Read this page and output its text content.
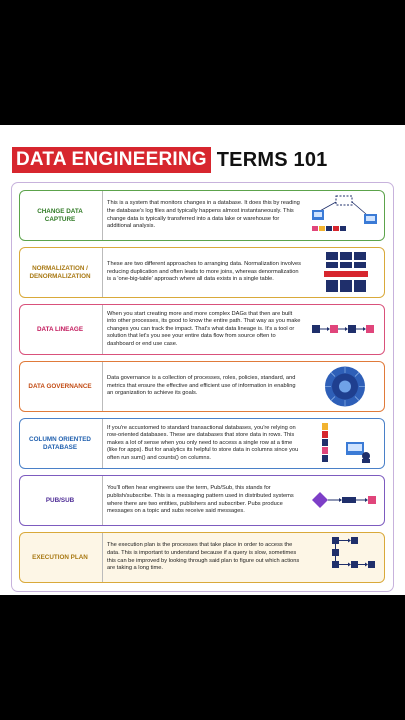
DATA ENGINEERING TERMS 101
CHANGE DATA CAPTURE
This is a system that monitors changes in a database. It does this by reading the database's log files and typically happens almost instantaneously. This change data is typically transferred into a data lake or warehouse for additional analysis.
NORMALIZATION / DENORMALIZATION
These are two different approaches to arranging data. Normalization involves reducing duplication and often leads to more joins, whereas denormalization is a 'one-big-table' approach where all data exists in a single table.
DATA LINEAGE
When you start creating more and more complex DAGs that then are built into other processes, its good to know the entire path. That way as you make changes you can track the impact. That's what data lineage is. It's a tool or solution that let's you see your entire data flow from source often to dashboard or end use case.
DATA GOVERNANCE
Data governance is a collection of processes, roles, policies, standard, and metrics that ensure the effective and efficient use of information in enabling an organization to achieve its goals.
COLUMN ORIENTED DATABASE
If you're accustomed to standard transactional databases, you're relying on row-oriented databases. These are databases that store data in rows. This makes a lot of sense when you only need to access a single row at a time (like for apps). But for analytics its helpful to store data in columns since you often run sum() and counts() on columns.
PUB/SUB
You'll often hear engineers use the term, Pub/Sub, this stands for publish/subscribe. This is a messaging pattern used in distributed systems where there are two entities, publishers and subscriber. Pubs produce messages on a topic and subs receive said messages.
EXECUTION PLAN
The execution plan is the processes that take place in order to access the data. This is important to understand because if a query is slow, sometimes this can be improved by looking through said plan to figure out which actions are taking a long time.
